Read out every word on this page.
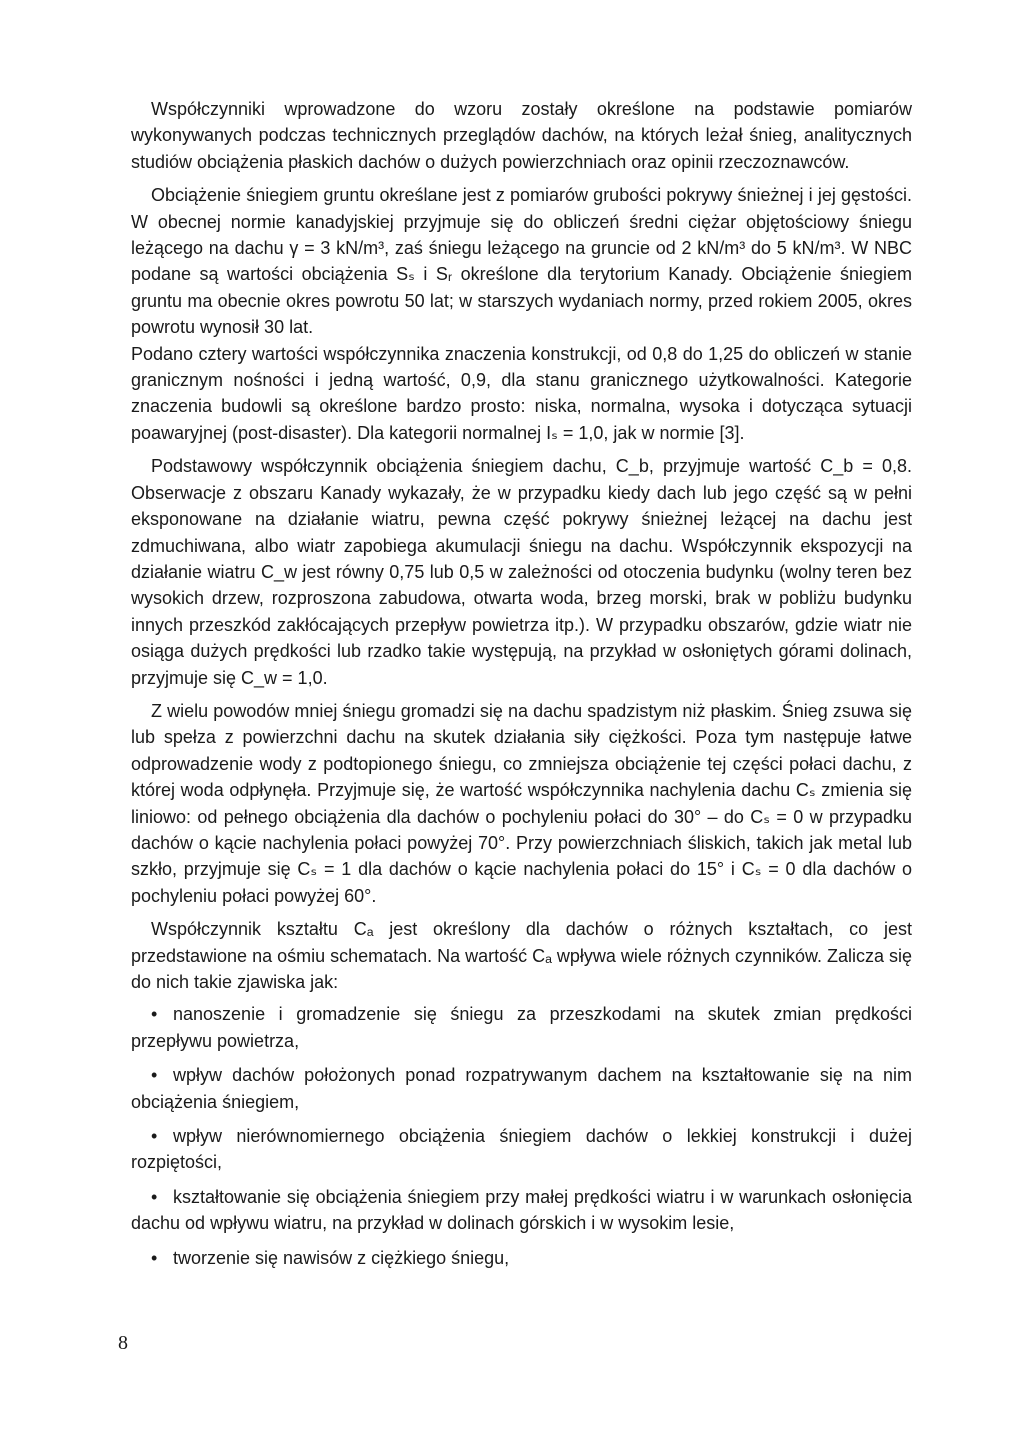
Współczynniki wprowadzone do wzoru zostały określone na podstawie pomiarów wykonywanych podczas technicznych przeglądów dachów, na których leżał śnieg, analitycznych studiów obciążenia płaskich dachów o dużych powierzchniach oraz opinii rzeczoznawców.

Obciążenie śniegiem gruntu określane jest z pomiarów grubości pokrywy śnieżnej i jej gęstości. W obecnej normie kanadyjskiej przyjmuje się do obliczeń średni ciężar objętościowy śniegu leżącego na dachu γ = 3 kN/m³, zaś śniegu leżącego na gruncie od 2 kN/m³ do 5 kN/m³. W NBC podane są wartości obciążenia Sₛ i Sᵣ określone dla terytorium Kanady. Obciążenie śniegiem gruntu ma obecnie okres powrotu 50 lat; w starszych wydaniach normy, przed rokiem 2005, okres powrotu wynosił 30 lat.

Podano cztery wartości współczynnika znaczenia konstrukcji, od 0,8 do 1,25 do obliczeń w stanie granicznym nośności i jedną wartość, 0,9, dla stanu granicznego użytkowalności. Kategorie znaczenia budowli są określone bardzo prosto: niska, normalna, wysoka i dotycząca sytuacji poawaryjnej (post-disaster). Dla kategorii normalnej Iₛ = 1,0, jak w normie [3].

Podstawowy współczynnik obciążenia śniegiem dachu, C_b, przyjmuje wartość C_b = 0,8. Obserwacje z obszaru Kanady wykazały, że w przypadku kiedy dach lub jego część są w pełni eksponowane na działanie wiatru, pewna część pokrywy śnieżnej leżącej na dachu jest zdmuchiwana, albo wiatr zapobiega akumulacji śniegu na dachu. Współczynnik ekspozycji na działanie wiatru C_w jest równy 0,75 lub 0,5 w zależności od otoczenia budynku (wolny teren bez wysokich drzew, rozproszona zabudowa, otwarta woda, brzeg morski, brak w pobliżu budynku innych przeszkód zakłócających przepływ powietrza itp.). W przypadku obszarów, gdzie wiatr nie osiąga dużych prędkości lub rzadko takie występują, na przykład w osłoniętych górami dolinach, przyjmuje się C_w = 1,0.

Z wielu powodów mniej śniegu gromadzi się na dachu spadzistym niż płaskim. Śnieg zsuwa się lub spełza z powierzchni dachu na skutek działania siły ciężkości. Poza tym następuje łatwe odprowadzenie wody z podtopionego śniegu, co zmniejsza obciążenie tej części połaci dachu, z której woda odpłynęła. Przyjmuje się, że wartość współczynnika nachylenia dachu Cₛ zmienia się liniowo: od pełnego obciążenia dla dachów o pochyleniu połaci do 30° – do Cₛ = 0 w przypadku dachów o kącie nachylenia połaci powyżej 70°. Przy powierzchniach śliskich, takich jak metal lub szkło, przyjmuje się Cₛ = 1 dla dachów o kącie nachylenia połaci do 15° i Cₛ = 0 dla dachów o pochyleniu połaci powyżej 60°.

Współczynnik kształtu Cₐ jest określony dla dachów o różnych kształtach, co jest przedstawione na ośmiu schematach. Na wartość Cₐ wpływa wiele różnych czynników. Zalicza się do nich takie zjawiska jak:

• nanoszenie i gromadzenie się śniegu za przeszkodami na skutek zmian prędkości przepływu powietrza,
• wpływ dachów położonych ponad rozpatrywanym dachem na kształtowanie się na nim obciążenia śniegiem,
• wpływ nierównomiernego obciążenia śniegiem dachów o lekkiej konstrukcji i dużej rozpiętości,
• kształtowanie się obciążenia śniegiem przy małej prędkości wiatru i w warunkach osłonięcia dachu od wpływu wiatru, na przykład w dolinach górskich i w wysokim lesie,
• tworzenie się nawisów z ciężkiego śniegu,
8
